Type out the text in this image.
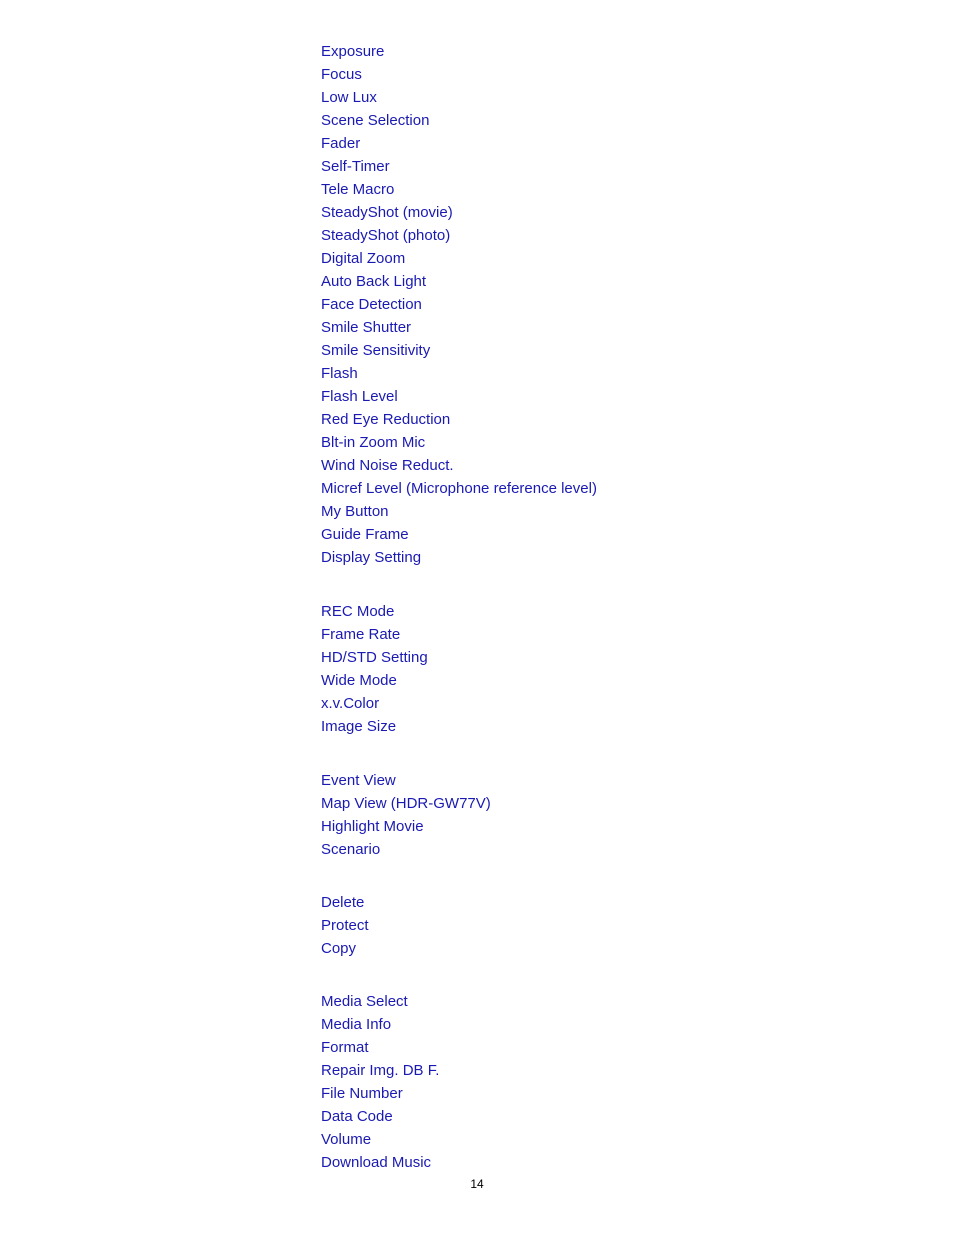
Exposure
Focus
Low Lux
Scene Selection
Fader
Self-Timer
Tele Macro
SteadyShot (movie)
SteadyShot (photo)
Digital Zoom
Auto Back Light
Face Detection
Smile Shutter
Smile Sensitivity
Flash
Flash Level
Red Eye Reduction
Blt-in Zoom Mic
Wind Noise Reduct.
Micref Level (Microphone reference level)
My Button
Guide Frame
Display Setting
REC Mode
Frame Rate
HD/STD Setting
Wide Mode
x.v.Color
Image Size
Event View
Map View (HDR-GW77V)
Highlight Movie
Scenario
Delete
Protect
Copy
Media Select
Media Info
Format
Repair Img. DB F.
File Number
Data Code
Volume
Download Music
14
